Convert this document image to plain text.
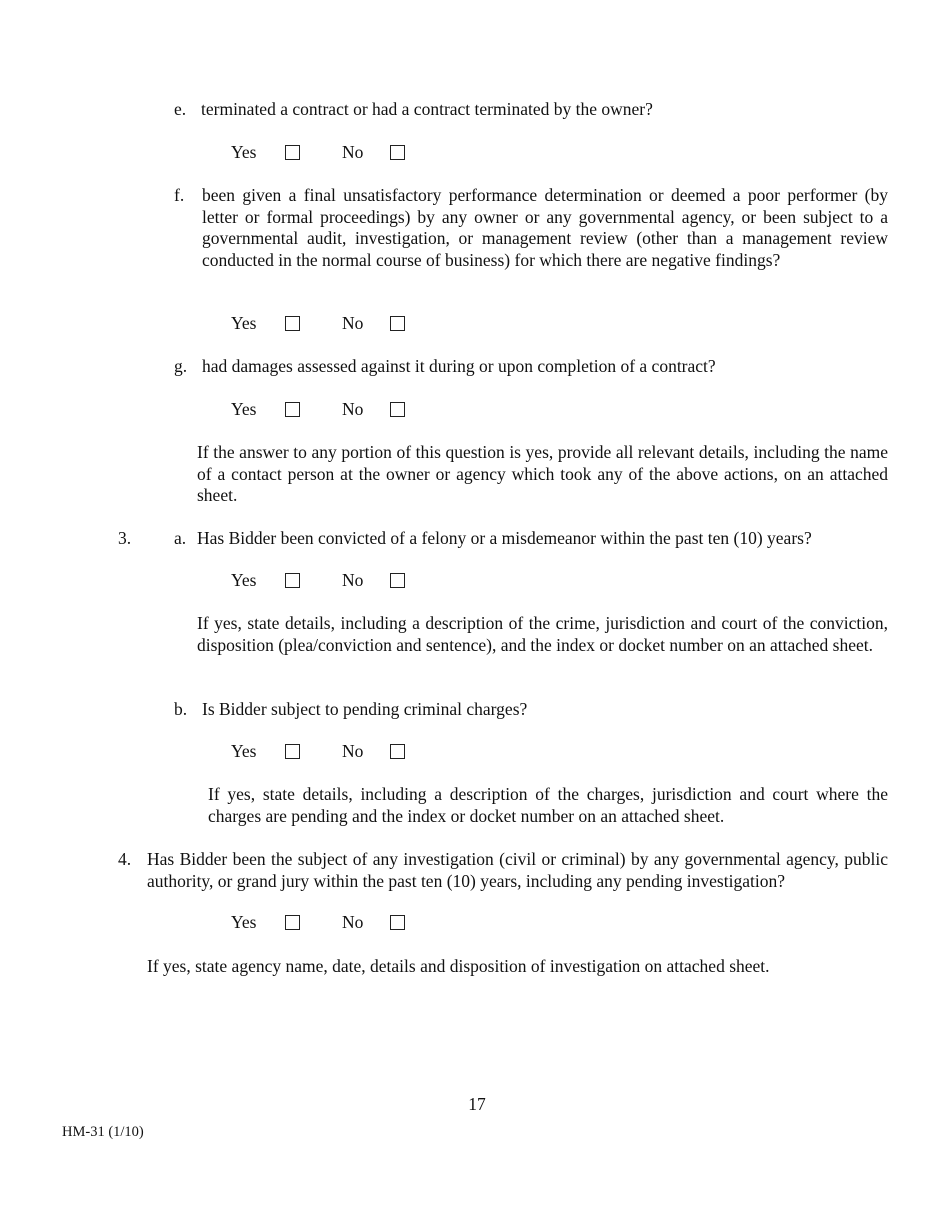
e. terminated a contract or had a contract terminated by the owner?
Yes	No
f. been given a final unsatisfactory performance determination or deemed a poor performer (by letter or formal proceedings) by any owner or any governmental agency, or been subject to a governmental audit, investigation, or management review (other than a management review conducted in the normal course of business) for which there are negative findings?
Yes	No
g. had damages assessed against it during or upon completion of a contract?
Yes	No
If the answer to any portion of this question is yes, provide all relevant details, including the name of a contact person at the owner or agency which took any of the above actions, on an attached sheet.
3. a. Has Bidder been convicted of a felony or a misdemeanor within the past ten (10) years?
Yes	No
If yes, state details, including a description of the crime, jurisdiction and court of the conviction,    disposition (plea/conviction and sentence), and the index or docket number on an attached sheet.
b. Is Bidder subject to pending criminal charges?
Yes	No
If yes, state details, including a description of the charges, jurisdiction and court where the charges are pending and the index or docket number on an attached sheet.
4. Has Bidder been the subject of any investigation (civil or criminal) by any governmental agency, public authority, or grand jury within the past ten (10) years, including any pending investigation?
Yes	No
If yes, state agency name, date, details and disposition of investigation on attached sheet.
17
HM-31 (1/10)
